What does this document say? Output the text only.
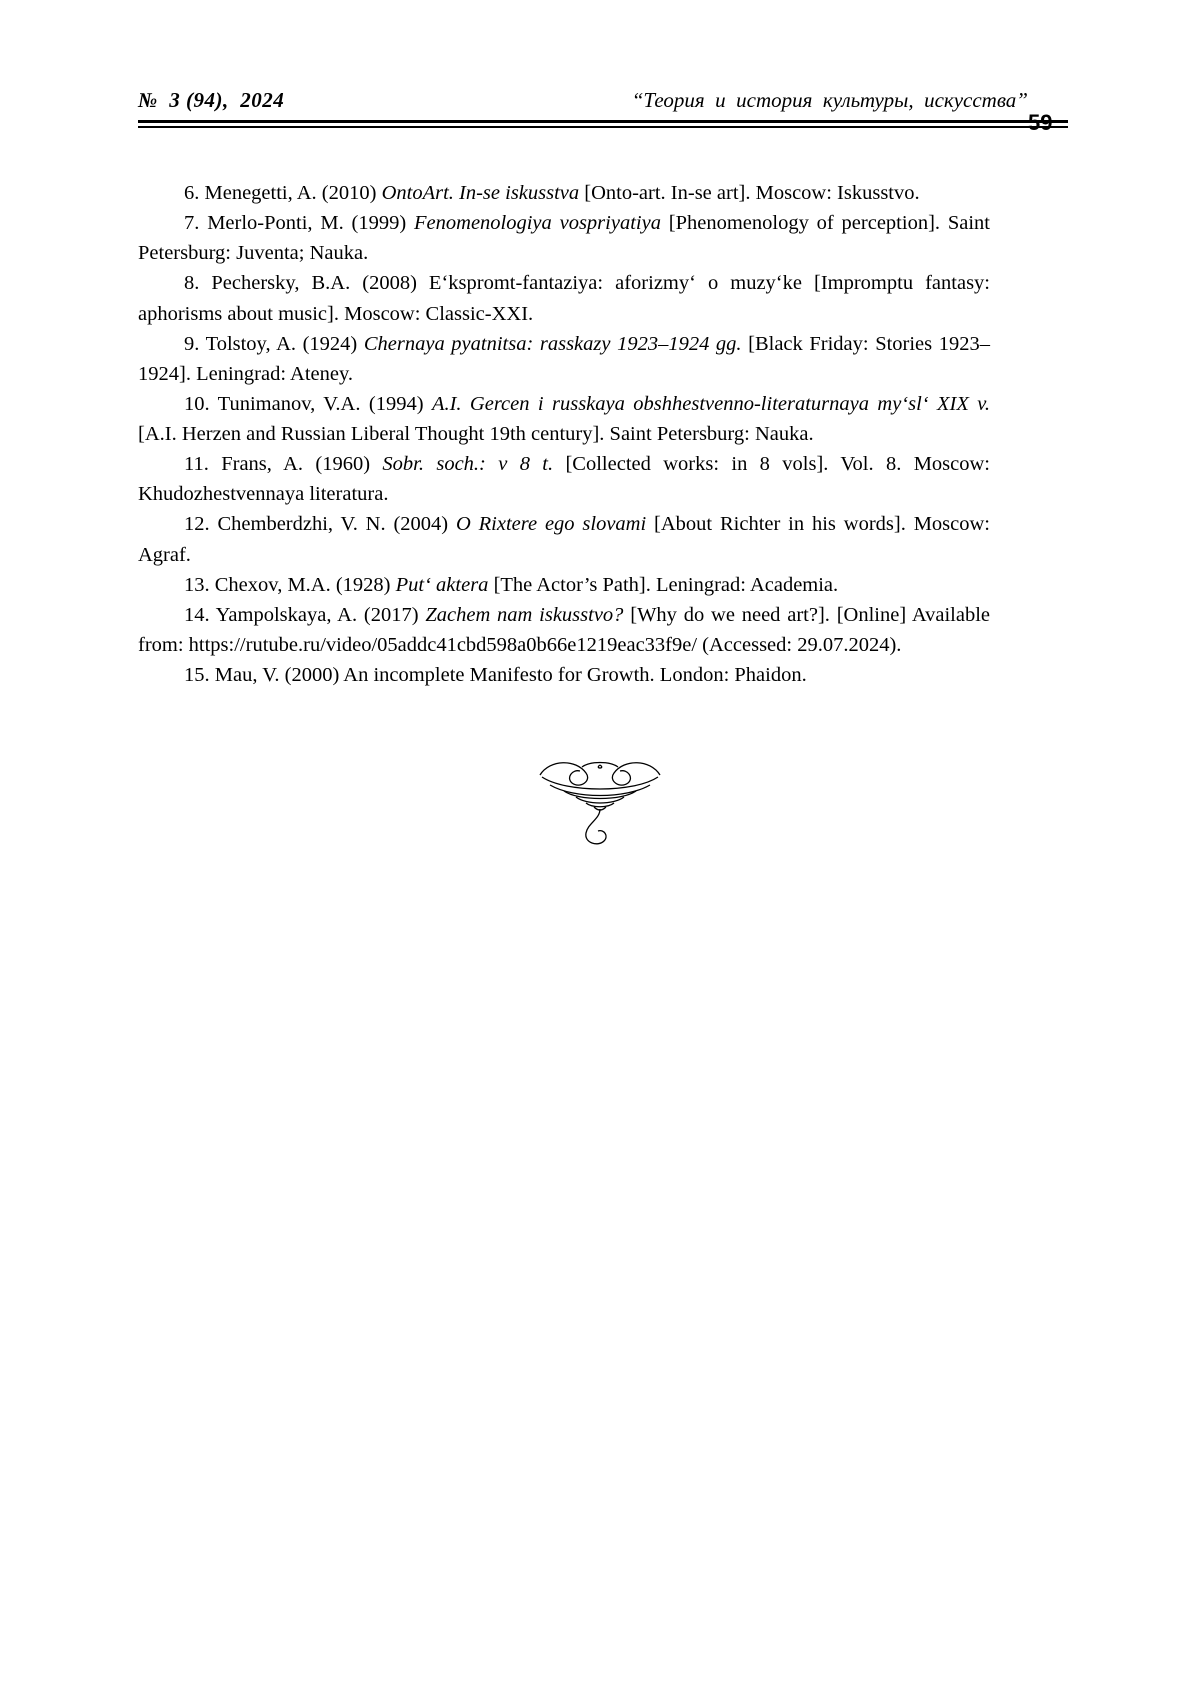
№  3 (94),  2024	“Теория  и  история  культуры,  искусства”
59

6. Menegetti, A. (2010) OntoArt. In-se iskusstva [Onto-art. In-se art]. Moscow: Iskusstvo.

7. Merlo-Ponti, M. (1999) Fenomenologiya vospriyatiya [Phenomenology of perception]. Saint Petersburg: Juventa; Nauka.

8. Pechersky, B.A. (2008) E‘kspromt-fantaziya: aforizmy‘ o muzy‘ke [Impromptu fantasy: aphorisms about music]. Moscow: Classic-XXI.

9. Tolstoy, A. (1924) Chernaya pyatnitsa: rasskazy 1923–1924 gg. [Black Friday: Stories 1923–1924]. Leningrad: Ateney.

10. Tunimanov, V.A. (1994) A.I. Gercen i russkaya obshhestvenno-literaturnaya my‘sl‘ XIX v. [A.I. Herzen and Russian Liberal Thought 19th century]. Saint Petersburg: Nauka.

11. Frans, A. (1960) Sobr. soch.: v 8 t. [Collected works: in 8 vols]. Vol. 8. Moscow: Khudozhestvennaya literatura.

12. Chemberdzhi, V. N. (2004) O Rixtere ego slovami [About Richter in his words]. Moscow: Agraf.

13. Chexov, M.A. (1928) Put‘ aktera [The Actor’s Path]. Leningrad: Academia.

14. Yampolskaya, A. (2017) Zachem nam iskusstvo? [Why do we need art?]. [Online] Available from: https://rutube.ru/video/05addc41cbd598a0b66e1219eac33f9e/ (Accessed: 29.07.2024).

15. Mau, V. (2000) An incomplete Manifesto for Growth. London: Phaidon.
